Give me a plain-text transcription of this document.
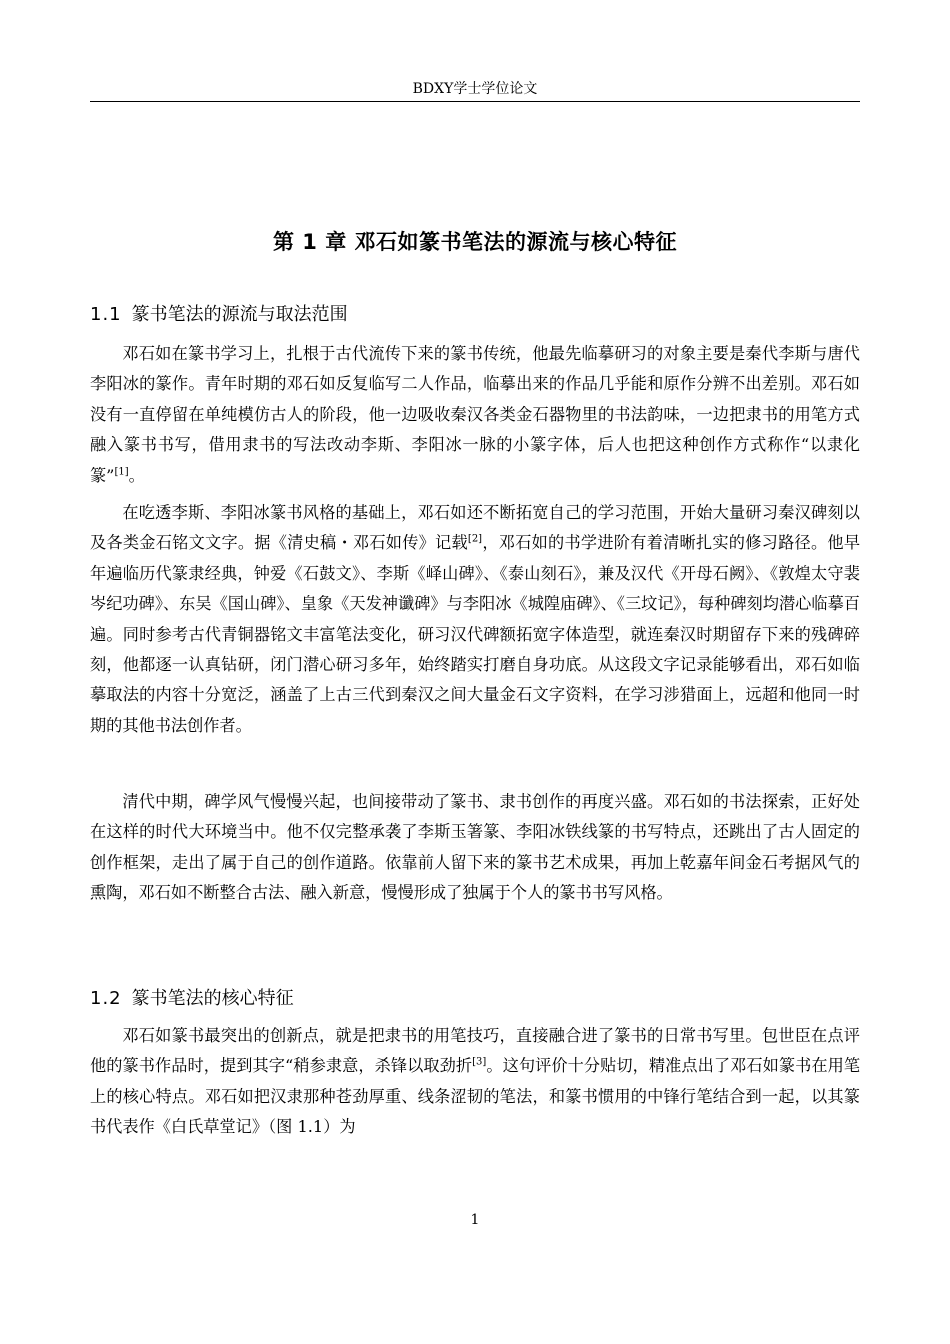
BDXY学士学位论文
第 1 章 邓石如篆书笔法的源流与核心特征
1.1 篆书笔法的源流与取法范围

邓石如在篆书学习上，扎根于古代流传下来的篆书传统，他最先临摹研习的对象主要是秦代李斯与唐代李阳冰的篆作。青年时期的邓石如反复临写二人作品，临摹出来的作品几乎能和原作分辨不出差别。邓石如没有一直停留在单纯模仿古人的阶段，他一边吸收秦汉各类金石器物里的书法韵味，一边把隶书的用笔方式融入篆书书写，借用隶书的写法改动李斯、李阳冰一脉的小篆字体，后人也把这种创作方式称作“以隶化篆”[1]。

在吃透李斯、李阳冰篆书风格的基础上，邓石如还不断拓宽自己的学习范围，开始大量研习秦汉碑刻以及各类金石铭文文字。据《清史稿・邓石如传》记载[2]，邓石如的书学进阶有着清晰扎实的修习路径。他早年遍临历代篆隶经典，钟爱《石鼓文》、李斯《峄山碑》、《泰山刻石》，兼及汉代《开母石阙》、《敦煌太守裴岑纪功碑》、东吴《国山碑》、皇象《天发神谶碑》与李阳冰《城隍庙碑》、《三坟记》，每种碑刻均潜心临摹百遍。同时参考古代青铜器铭文丰富笔法变化，研习汉代碑额拓宽字体造型，就连秦汉时期留存下来的残碑碎刻，他都逐一认真钻研，闭门潜心研习多年，始终踏实打磨自身功底。从这段文字记录能够看出，邓石如临摹取法的内容十分宽泛，涵盖了上古三代到秦汉之间大量金石文字资料，在学习涉猎面上，远超和他同一时期的其他书法创作者。

清代中期，碑学风气慢慢兴起，也间接带动了篆书、隶书创作的再度兴盛。邓石如的书法探索，正好处在这样的时代大环境当中。他不仅完整承袭了李斯玉箸篆、李阳冰铁线篆的书写特点，还跳出了古人固定的创作框架，走出了属于自己的创作道路。依靠前人留下来的篆书艺术成果，再加上乾嘉年间金石考据风气的熏陶，邓石如不断整合古法、融入新意，慢慢形成了独属于个人的篆书书写风格。

1.2 篆书笔法的核心特征

邓石如篆书最突出的创新点，就是把隶书的用笔技巧，直接融合进了篆书的日常书写里。包世臣在点评他的篆书作品时，提到其字“稍参隶意，杀锋以取劲折[3]。这句评价十分贴切，精准点出了邓石如篆书在用笔上的核心特点。邓石如把汉隶那种苍劲厚重、线条涩韧的笔法，和篆书惯用的中锋行笔结合到一起，以其篆书代表作《白氏草堂记》（图 1.1）为

1
